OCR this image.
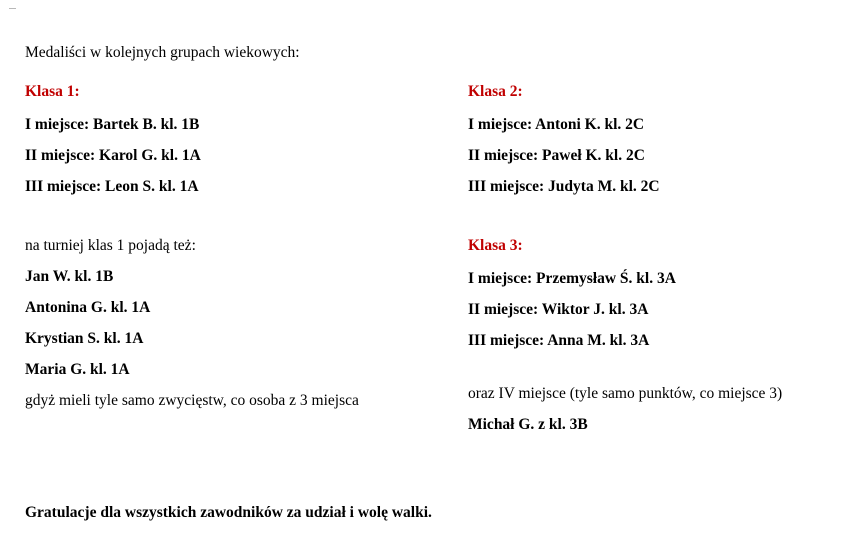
Medaliści w kolejnych grupach wiekowych:

Klasa 1:

I miejsce: Bartek B. kl. 1B

II miejsce: Karol G. kl. 1A

III miejsce: Leon S. kl. 1A

na turniej klas 1 pojadą też:

Jan W. kl. 1B

Antonina G. kl. 1A

Krystian S. kl. 1A

Maria G. kl. 1A

gdyż mieli tyle samo zwycięstw, co osoba z 3 miejsca

Klasa 2:

I miejsce: Antoni K. kl. 2C

II miejsce: Paweł K. kl. 2C

III miejsce: Judyta M. kl. 2C

Klasa 3:

I miejsce: Przemysław Ś. kl. 3A

II miejsce: Wiktor J. kl. 3A

III miejsce: Anna M. kl. 3A

oraz IV miejsce (tyle samo punktów, co miejsce 3)

Michał G. z kl. 3B

Gratulacje dla wszystkich zawodników za udział i wolę walki.
